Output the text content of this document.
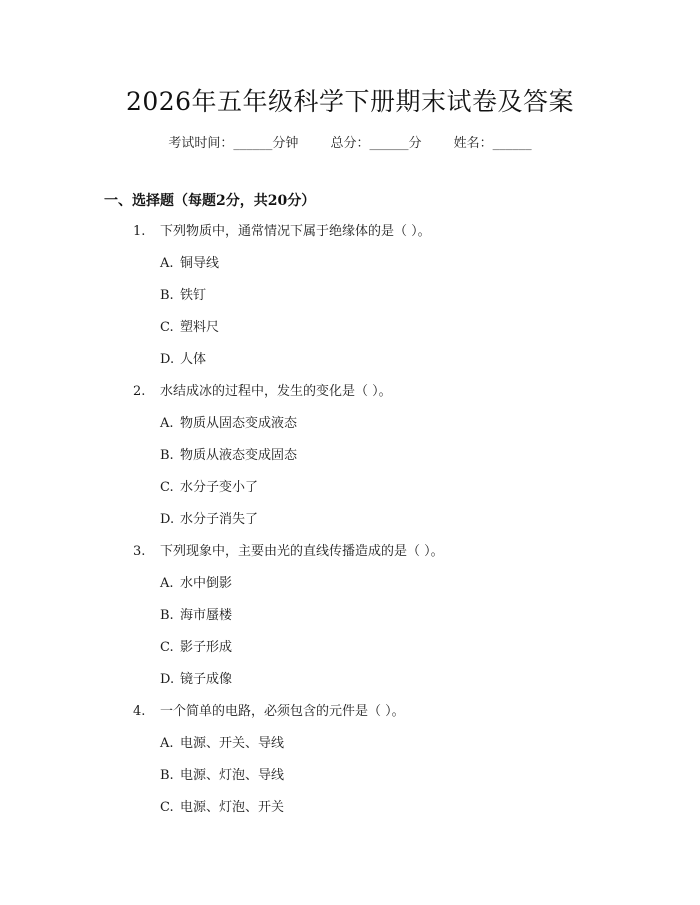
2026年五年级科学下册期末试卷及答案
考试时间：______分钟 总分：______分 姓名：______
一、选择题（每题2分，共20分）
1. 下列物质中，通常情况下属于绝缘体的是（ ）。
A. 铜导线
B. 铁钉
C. 塑料尺
D. 人体
2. 水结成冰的过程中，发生的变化是（ ）。
A. 物质从固态变成液态
B. 物质从液态变成固态
C. 水分子变小了
D. 水分子消失了
3. 下列现象中，主要由光的直线传播造成的是（ ）。
A. 水中倒影
B. 海市蜃楼
C. 影子形成
D. 镜子成像
4. 一个简单的电路，必须包含的元件是（ ）。
A. 电源、开关、导线
B. 电源、灯泡、导线
C. 电源、灯泡、开关
